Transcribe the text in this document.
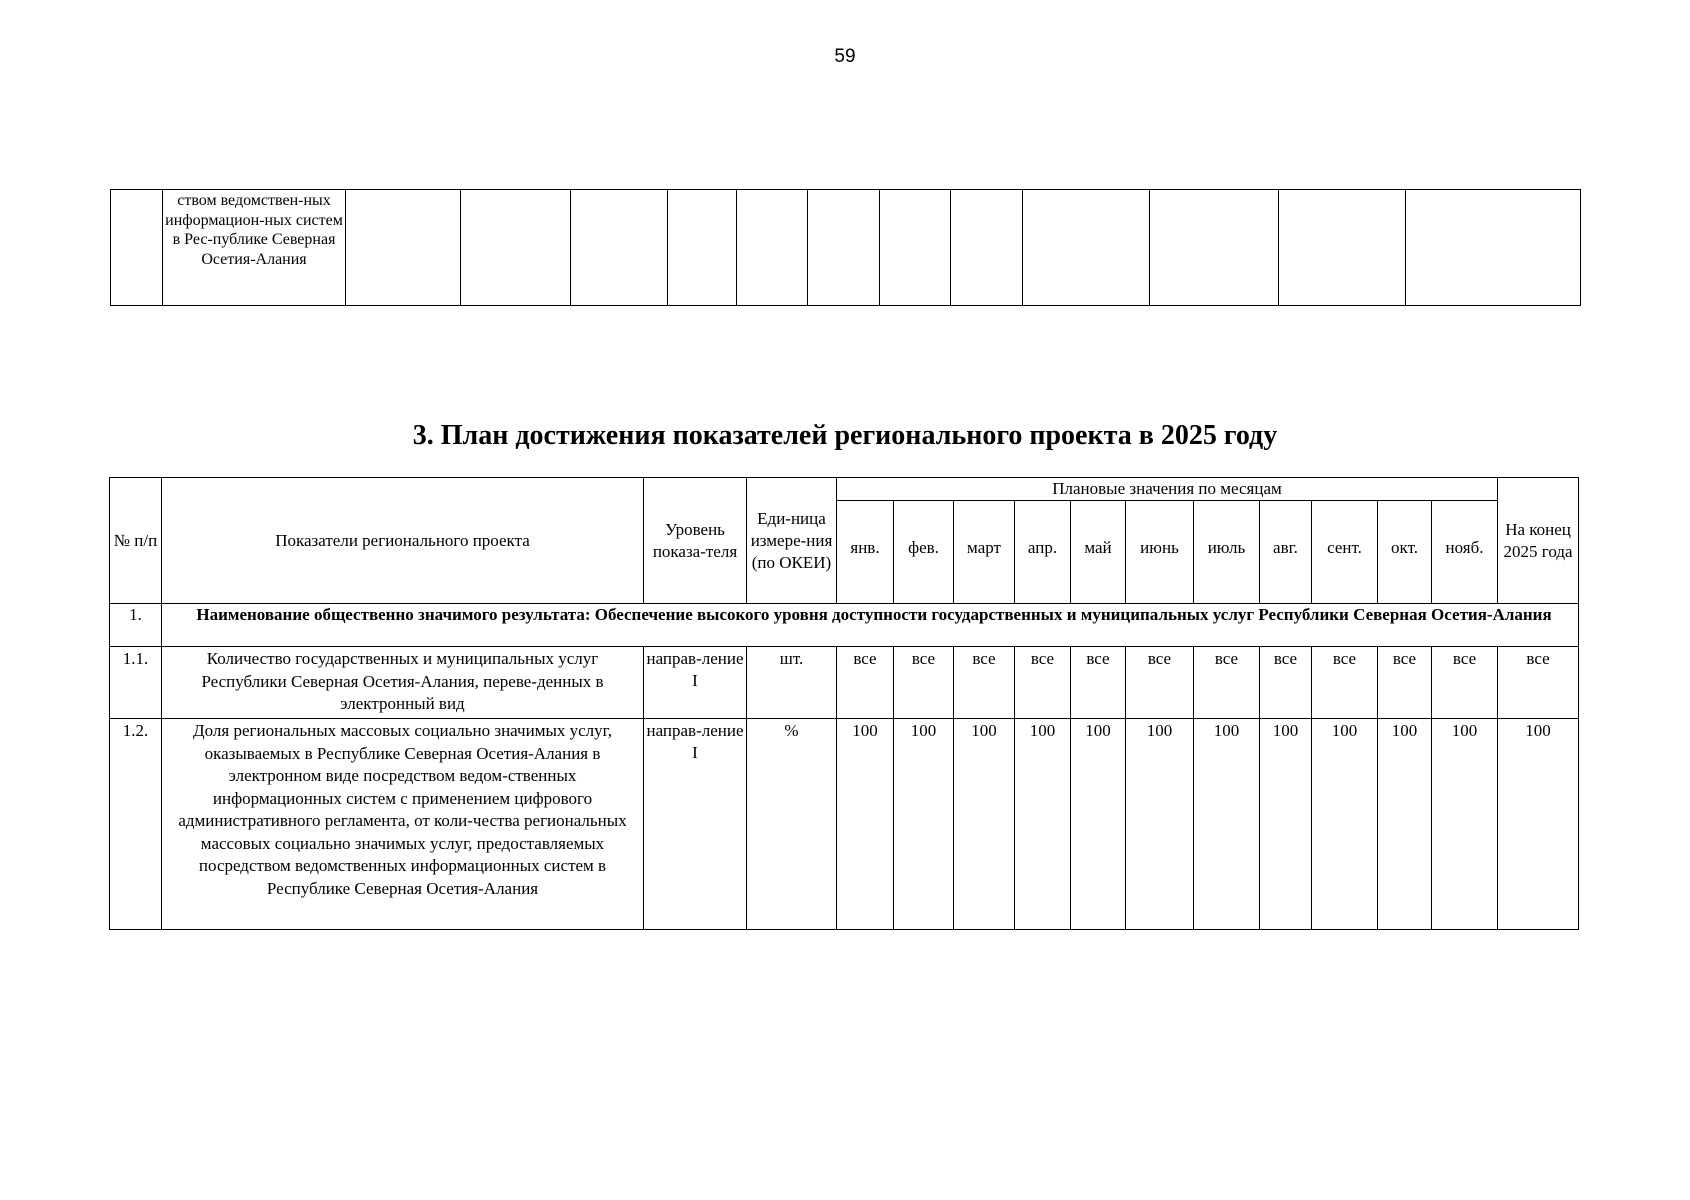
59
	ством ведомствен-ных информацион-ных систем в Рес-публике Северная Осетия-Алания												
3. План достижения показателей регионального проекта в 2025 году
№ п/п	Показатели регионального проекта	Уровень показа-теля	Еди-ница измере-ния (по ОКЕИ)	Плановые значения по месяцам											На конец 2025 года
				янв.	фев.	март	апр.	май	июнь	июль	авг.	сент.	окт.	нояб.	
1.	Наименование общественно значимого результата: Обеспечение высокого уровня доступности государственных и муниципальных услуг Республики Северная Осетия-Алания														
1.1.	Количество государственных и муниципальных услуг Республики Северная Осетия-Алания, переве-денных в электронный вид	направ-ление I	шт.	все	все	все	все	все	все	все	все	все	все	все	все
1.2.	Доля региональных массовых социально значимых услуг, оказываемых в Республике Северная Осетия-Алания в электронном виде посредством ведом-ственных информационных систем с применением цифрового административного регламента, от коли-чества региональных массовых социально значимых услуг, предоставляемых посредством ведомственных информационных систем в Республике Северная Осетия-Алания	направ-ление I	%	100	100	100	100	100	100	100	100	100	100	100	100
